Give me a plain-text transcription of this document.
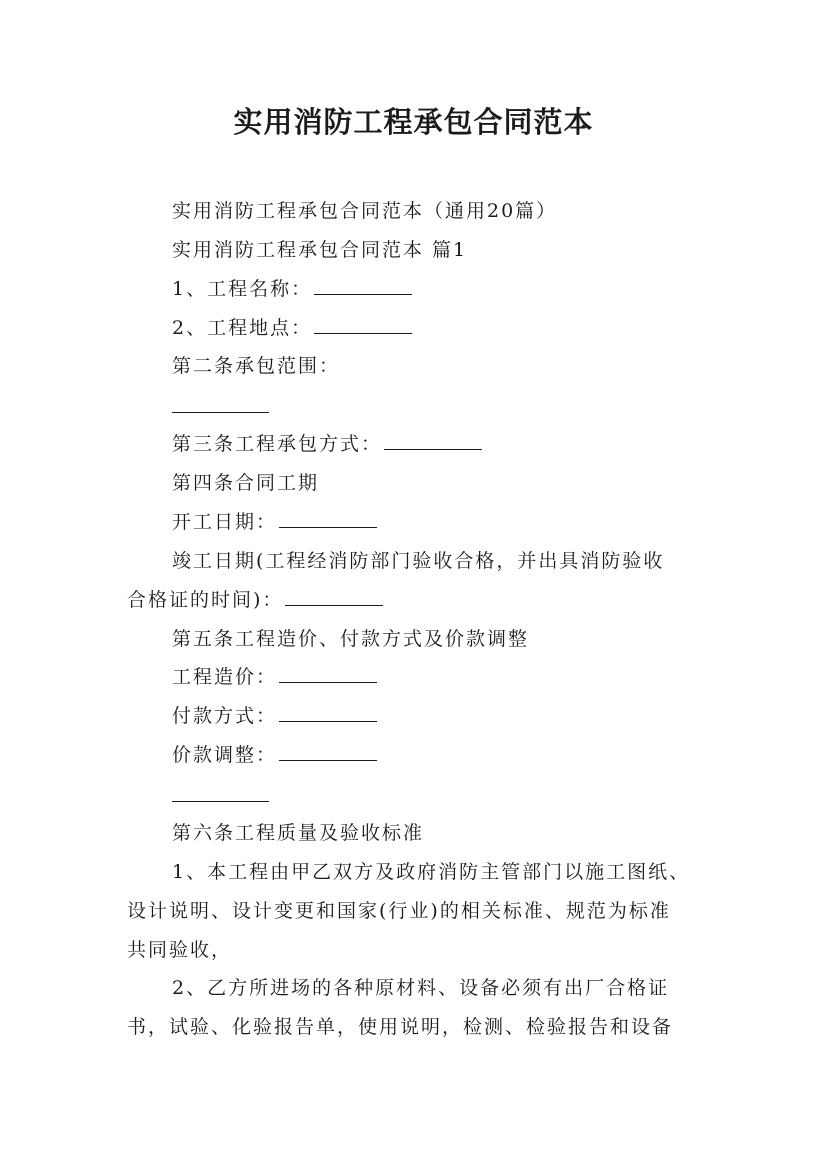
实用消防工程承包合同范本
实用消防工程承包合同范本（通用20篇）
实用消防工程承包合同范本 篇1
1、工程名称：
2、工程地点：
第二条承包范围：
第三条工程承包方式：
第四条合同工期
开工日期：
竣工日期(工程经消防部门验收合格，并出具消防验收
合格证的时间)：
第五条工程造价、付款方式及价款调整
工程造价：
付款方式：
价款调整：
第六条工程质量及验收标准
1、本工程由甲乙双方及政府消防主管部门以施工图纸、
设计说明、设计变更和国家(行业)的相关标准、规范为标准
共同验收，
2、乙方所进场的各种原材料、设备必须有出厂合格证
书，试验、化验报告单，使用说明，检测、检验报告和设备
